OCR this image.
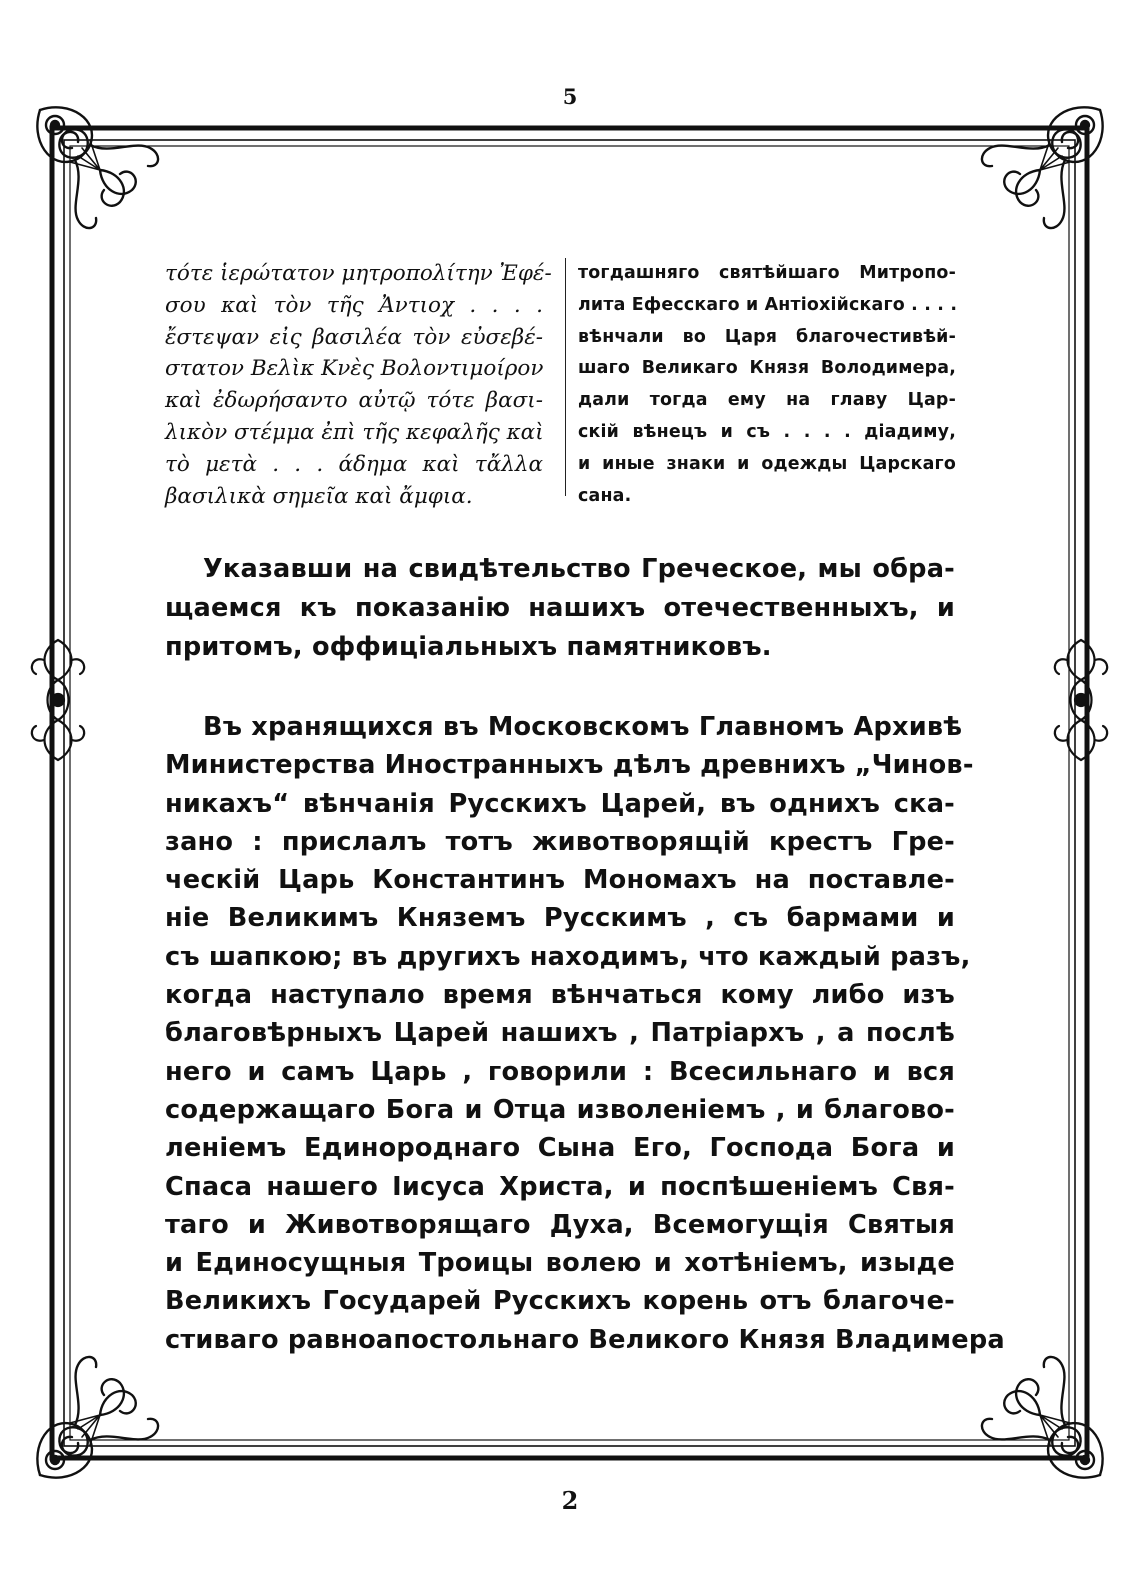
5
τότε ἱερώτατον μητροπολίτην Ἐφέ-
σου καὶ τὸν τῆς Ἀντιοχ . . . .
ἔστεψαν εἰς βασιλέα τὸν εὐσεβέ-
στατον Βελὶκ Κνὲς Βολοντιμοίρον
καὶ ἐδωρήσαντο αὐτῷ τότε βασι-
λικὸν στέμμα ἐπὶ τῆς κεφαλῆς καὶ
τὸ μετὰ . . . άδημα καὶ τἄλλα
βασιλικὰ σημεῖα καὶ ἄμφια.
тогдашняго святѣйшаго Митропо-
лита Ефесскаго и Антіохійскаго . . . .
вѣнчали во Царя благочестивѣй-
шаго Великаго Князя Володимера,
дали тогда ему на главу Цар-
скій вѣнецъ и съ . . . . діадиму,
и иные знаки и одежды Царскаго
сана.
Указавши на свидѣтельство Греческое, мы обра-
щаемся къ показанію нашихъ отечественныхъ, и
притомъ, оффиціальныхъ памятниковъ.
Въ хранящихся въ Московскомъ Главномъ Архивѣ
Министерства Иностранныхъ дѣлъ древнихъ „Чинов-
никахъ“ вѣнчанія Русскихъ Царей, въ однихъ ска-
зано : прислалъ тотъ животворящій крестъ Гре-
ческій Царь Константинъ Мономахъ на поставле-
ніе Великимъ Княземъ Русскимъ , съ бармами и
съ шапкою; въ другихъ находимъ, что каждый разъ,
когда наступало время вѣнчаться кому либо изъ
благовѣрныхъ Царей нашихъ , Патріархъ , а послѣ
него и самъ Царь , говорили : Всесильнаго и вся
содержащаго Бога и Отца изволеніемъ , и благово-
леніемъ Единороднаго Сына Его, Господа Бога и
Спаса нашего Іисуса Христа, и поспѣшеніемъ Свя-
таго и Животворящаго Духа, Всемогущія Святыя
и Единосущныя Троицы волею и хотѣніемъ, изыде
Великихъ Государей Русскихъ корень отъ благоче-
стиваго равноапостольнаго Великого Князя Владимера
2
